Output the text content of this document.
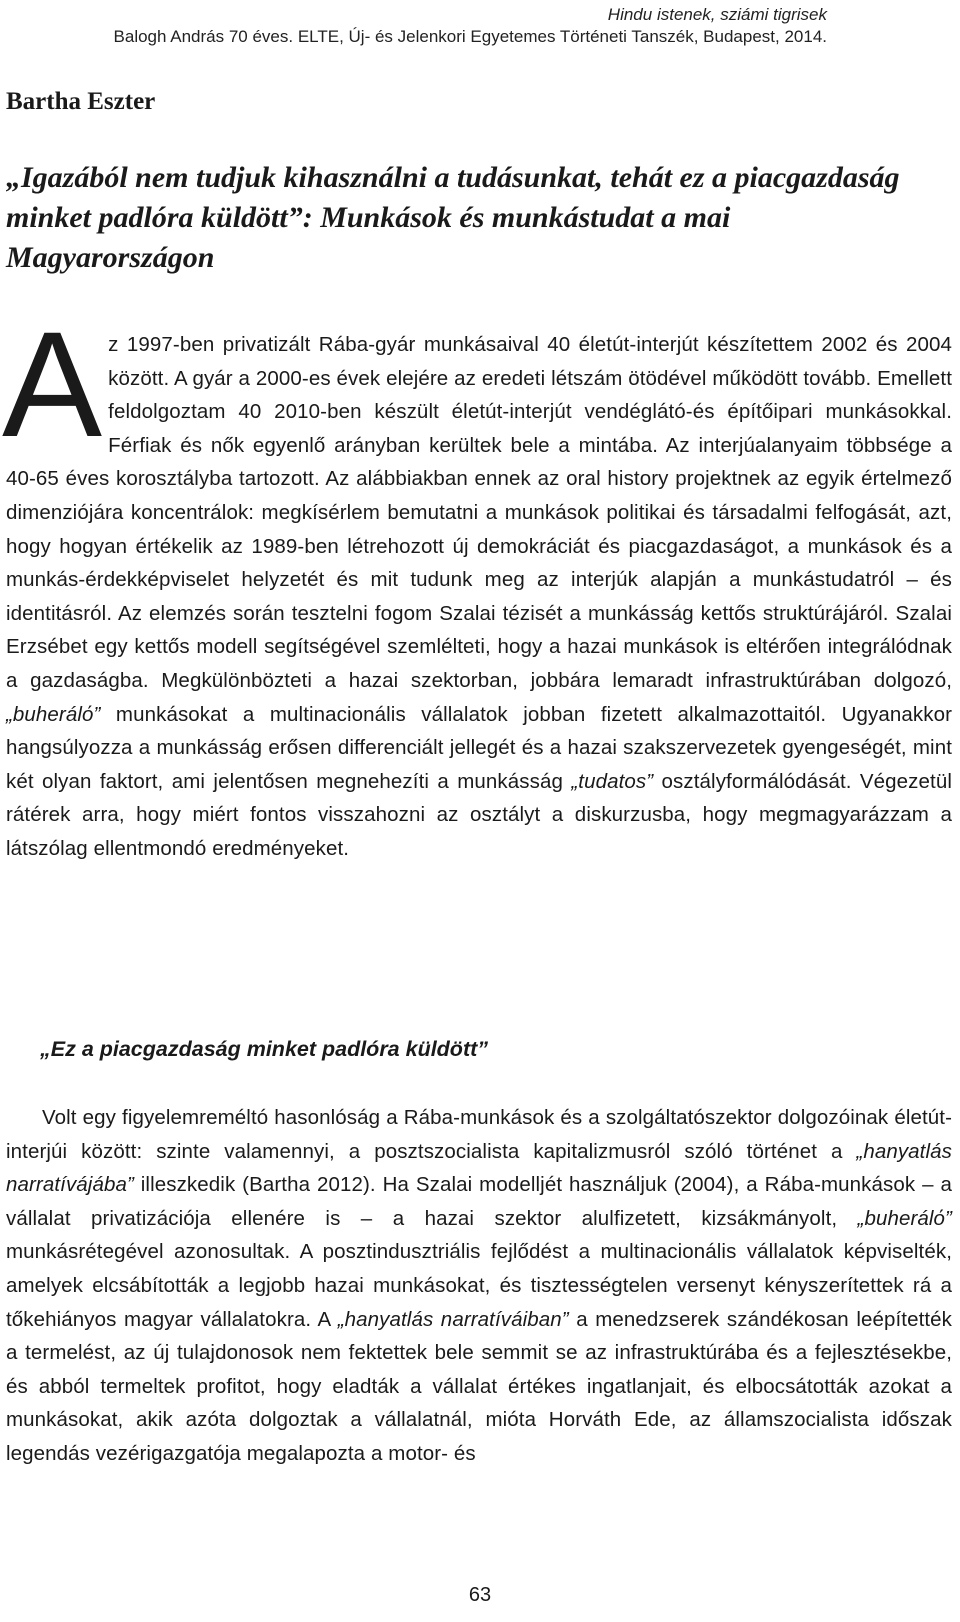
Hindu istenek, sziámi tigrisek
Balogh András 70 éves. ELTE, Új- és Jelenkori Egyetemes Történeti Tanszék, Budapest, 2014.
Bartha Eszter
„Igazából nem tudjuk kihasználni a tudásunkat, tehát ez a piacgazdaság minket padlóra küldött”: Munkások és munkástudat a mai Magyarországon

A z 1997-ben privatizált Rába-gyár munkásaival 40 életút-interjút készítettem 2002 és 2004 között. A gyár a 2000-es évek elejére az eredeti létszám ötödével működött tovább. Emellett feldolgoztam 40 2010-ben készült életút-interjút vendéglátó-és építőipari munkásokkal. Férfiak és nők egyenlő arányban kerültek bele a mintába. Az interjúalanyaim többsége a 40-65 éves korosztályba tartozott. Az alábbiakban ennek az oral history projektnek az egyik értelmező dimenziójára koncentrálok: megkísérlem bemutatni a munkások politikai és társadalmi felfogását, azt, hogy hogyan értékelik az 1989-ben létrehozott új demokráciát és piacgazdaságot, a munkások és a munkás-érdekképviselet helyzetét és mit tudunk meg az interjúk alapján a munkástudatról – és identitásról. Az elemzés során tesztelni fogom Szalai tézisét a munkásság kettős struktúrájáról. Szalai Erzsébet egy kettős modell segítségével szemlélteti, hogy a hazai munkások is eltérően integrálódnak a gazdaságba. Megkülönbözteti a hazai szektorban, jobbára lemaradt infrastruktúrában dolgozó, „buherálό” munkásokat a multinacionális vállalatok jobban fizetett alkalmazottaitól. Ugyanakkor hangsúlyozza a munkásság erősen differenciált jellegét és a hazai szakszervezetek gyengeségét, mint két olyan faktort, ami jelentősen megnehezíti a munkásság „tudatos” osztályformálódását. Végezetül rátérek arra, hogy miért fontos visszahozni az osztályt a diskurzusba, hogy megmagyarázzam a látszólag ellentmondó eredményeket.

„Ez a piacgazdaság minket padlóra küldött”

Volt egy figyelemreméltó hasonlóság a Rába-munkások és a szolgáltatószektor dolgozóinak életút-interjúi között: szinte valamennyi, a posztszocialista kapitalizmusról szóló történet a „hanyatlás narratívájába” illeszkedik (Bartha 2012). Ha Szalai modelljét használjuk (2004), a Rába-munkások – a vállalat privatizációja ellenére is – a hazai szektor alulfizetett, kizsákmányolt, „buherálό” munkásrétegével azonosultak. A posztindusztriális fejlődést a multinacionális vállalatok képviselték, amelyek elcsábították a legjobb hazai munkásokat, és tisztességtelen versenyt kényszerítettek rá a tőkehiányos magyar vállalatokra. A „hanyatlás narratíváiban” a menedzserek szándékosan leépítették a termelést, az új tulajdonosok nem fektettek bele semmit se az infrastruktúrába és a fejlesztésekbe, és abból termeltek profitot, hogy eladták a vállalat értékes ingatlanjait, és elbocsátották azokat a munkásokat, akik azóta dolgoztak a vállalatnál, mióta Horváth Ede, az államszocialista időszak legendás vezérigazgatója megalapozta a motor- és

63
